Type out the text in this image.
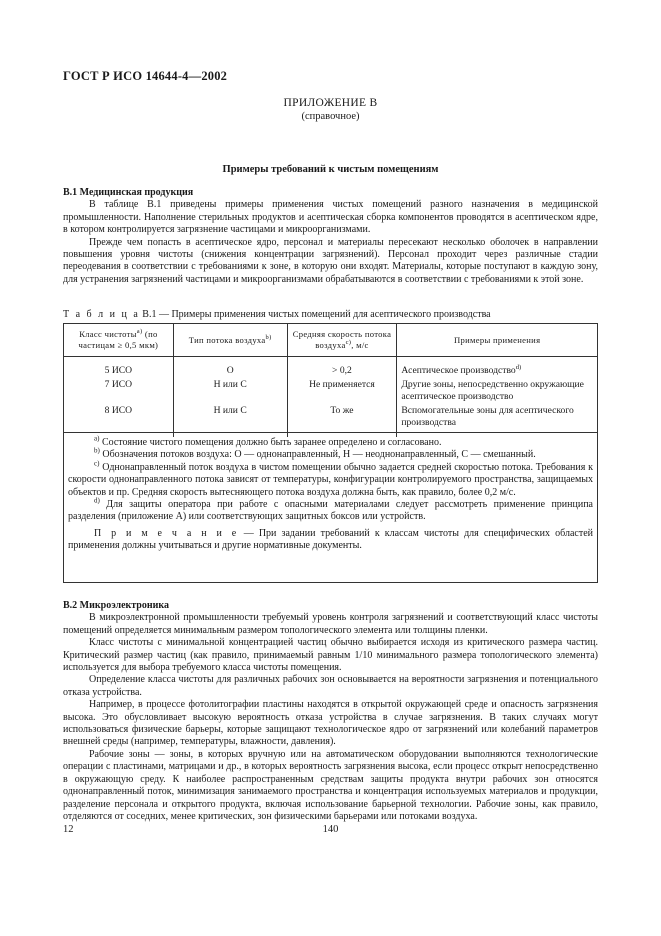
ГОСТ Р ИСО 14644-4—2002
ПРИЛОЖЕНИЕ В
(справочное)
Примеры требований к чистым помещениям
В.1 Медицинская продукция

В таблице В.1 приведены примеры применения чистых помещений разного назначения в медицинской промышленности. Наполнение стерильных продуктов и асептическая сборка компонентов проводятся в асептическом ядре, в котором контролируется загрязнение частицами и микроорганизмами.

Прежде чем попасть в асептическое ядро, персонал и материалы пересекают несколько оболочек в направлении повышения уровня чистоты (снижения концентрации загрязнений). Персонал проходит через различные стадии переодевания в соответствии с требованиями к зоне, в которую они входят. Материалы, которые поступают в каждую зону, для устранения загрязнений частицами и микроорганизмами обрабатываются в соответствии с требованиями к этой зоне.

Т а б л и ц а В.1 — Примеры применения чистых помещений для асептического производства
Класс чистоты$^{а)}$ (по частицам ≥ 0,5 мкм)	Тип потока воздуха$^{b)}$	Средняя скорость потока воздуха$^{c)}$, м/с	Примеры применения
5 ИСО	О	> 0,2	Асептическое производство$^{d)}$
7 ИСО	Н или С	Не применяется	Другие зоны, непосредственно окружающие асептическое производство
8 ИСО	Н или С	То же	Вспомогательные зоны для асептического производства

$^{а)}$ Состояние чистого помещения должно быть заранее определено и согласовано.

$^{b)}$ Обозначения потоков воздуха: О — однонаправленный, Н — неоднонаправленный, С — смешанный.

$^{c)}$ Однонаправленный поток воздуха в чистом помещении обычно задается средней скоростью потока. Требования к скорости однонаправленного потока зависят от температуры, конфигурации контролируемого пространства, защищаемых объектов и пр. Средняя скорость вытесняющего потока воздуха должна быть, как правило, более 0,2 м/с.

$^{d)}$ Для защиты оператора при работе с опасными материалами следует рассмотреть применение принципа разделения (приложение А) или соответствующих защитных боксов или устройств.

П р и м е ч а н и е — При задании требований к классам чистоты для специфических областей применения должны учитываться и другие нормативные документы.

В.2 Микроэлектроника

В микроэлектронной промышленности требуемый уровень контроля загрязнений и соответствующий класс чистоты помещений определяется минимальным размером топологического элемента или толщины пленки.

Класс чистоты с минимальной концентрацией частиц обычно выбирается исходя из критического размера частиц. Критический размер частиц (как правило, принимаемый равным 1/10 минимального размера топологического элемента) используется для выбора требуемого класса чистоты помещения.

Определение класса чистоты для различных рабочих зон основывается на вероятности загрязнения и потенциального отказа устройства.

Например, в процессе фотолитографии пластины находятся в открытой окружающей среде и опасность загрязнения высока. Это обусловливает высокую вероятность отказа устройства в случае загрязнения. В таких случаях могут использоваться физические барьеры, которые защищают технологическое ядро от загрязнений или колебаний параметров внешней среды (например, температуры, влажности, давления).

Рабочие зоны — зоны, в которых вручную или на автоматическом оборудовании выполняются технологические операции с пластинами, матрицами и др., в которых вероятность загрязнения высока, если процесс открыт непосредственно в окружающую среду. К наиболее распространенным средствам защиты продукта внутри рабочих зон относятся однонаправленный поток, минимизация занимаемого пространства и концентрация используемых материалов и продукции, разделение персонала и открытого продукта, включая использование барьерной технологии. Рабочие зоны, как правило, отделяются от соседних, менее критических, зон физическими барьерами или потоками воздуха.

12	140
